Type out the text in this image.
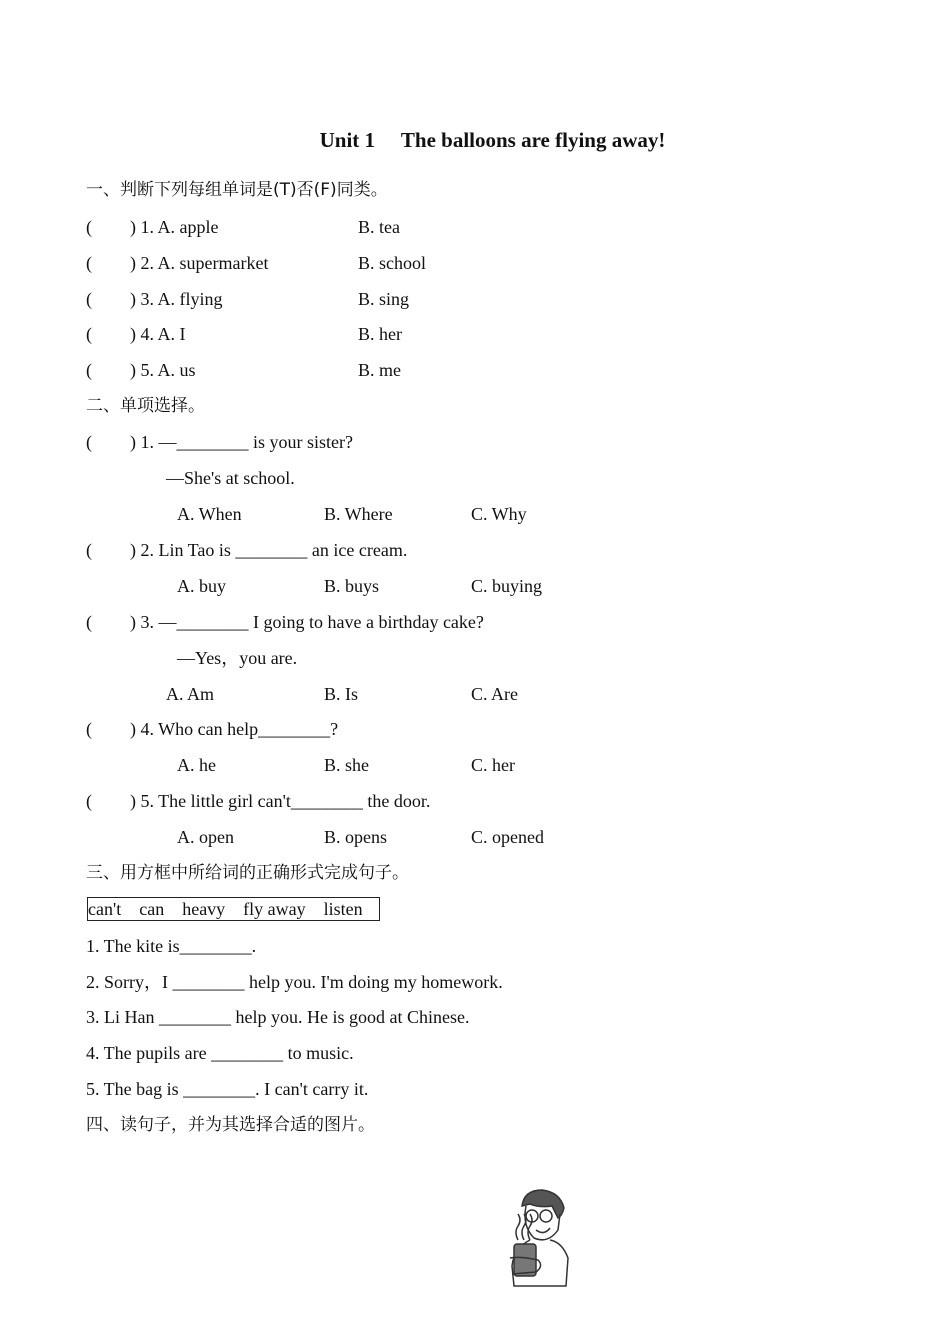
Unit 1     The balloons are flying away!
一、判断下列每组单词是(T)否(F)同类。
( ) 1. A. apple	B. tea
( ) 2. A. supermarket	B. school
( ) 3. A. flying	B. sing
( ) 4. A. I	B. her
( ) 5. A. us	B. me
二、单项选择。
( ) 1. —________ is your sister?
—She's at school.
A. When	B. Where	C. Why
( ) 2. Lin Tao is ________ an ice cream.
A. buy	B. buys	C. buying
( ) 3. —________ I going to have a birthday cake?
—Yes，you are.
A. Am	B. Is	C. Are
( ) 4. Who can help________?
A. he	B. she	C. her
( ) 5. The little girl can't________ the door.
A. open	B. opens	C. opened
三、用方框中所给词的正确形式完成句子。
can't    can    heavy    fly away    listen
1. The kite is________.
2. Sorry，I ________ help you. I'm doing my homework.
3. Li Han ________ help you. He is good at Chinese.
4. The pupils are ________ to music.
5. The bag is ________. I can't carry it.
四、读句子，并为其选择合适的图片。
